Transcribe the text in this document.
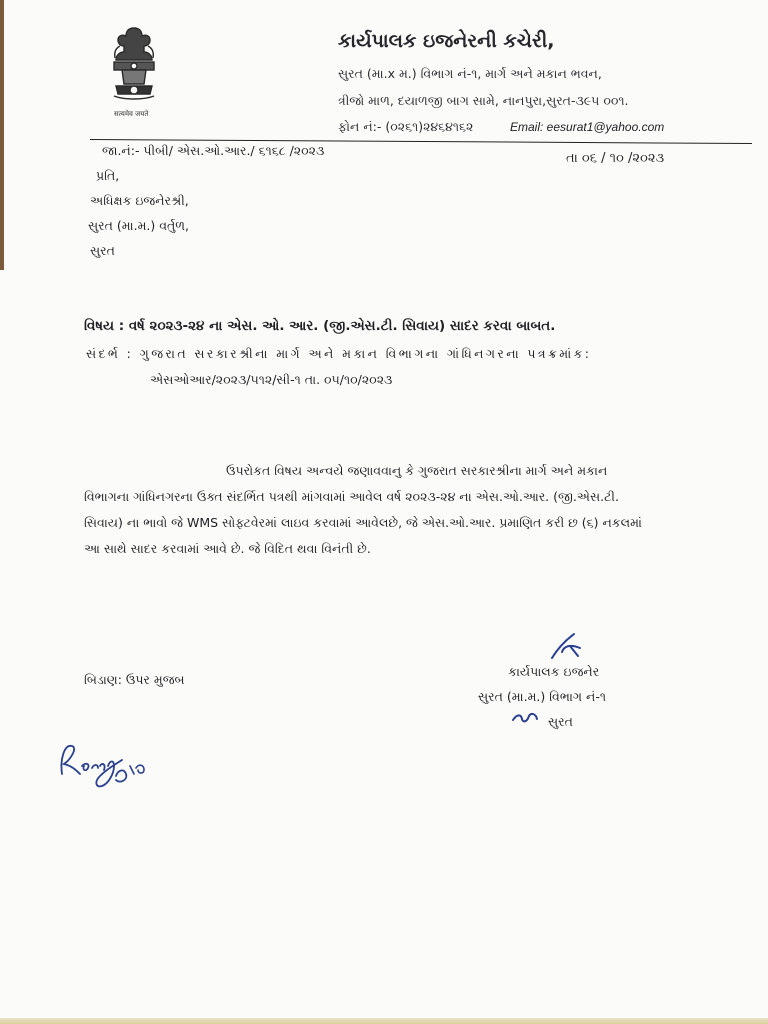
सत्यमेव जयते
કાર્યપાલક ઇજનેરની કચેરી,
સુરત (મા.x મ.) વિભાગ નં-૧, માર્ગ અને મકાન ભવન,
ત્રીજો માળ, દયાળજી બાગ સામે, નાનપુરા,સુરત-૩૯૫ ૦૦૧.
ફોન નં:- (૦૨૬૧)૨૪૬૪૧૬૨	Email: eesurat1@yahoo.com
જા.નં:- પીબી/ એસ.ઓ.આર./ ૬૧૬૮ /૨૦૨૩
તા ૦૬ / ૧૦ /૨૦૨૩
પ્રતિ,
અધિક્ષક ઇજનેરશ્રી,
સુરત (મા.મ.) વર્તુળ,
સુરત
વિષય : વર્ષ ૨૦૨૩-૨૪ ના એસ. ઓ. આર. (જી.એસ.ટી. સિવાય) સાદર કરવા બાબત.
સંદર્ભ : ગુજરાત સરકારશ્રીના માર્ગ અને મકાન વિભાગના ગાંધિનગરના પત્રક્રમાંક:
એસઓઆર/૨૦૨૩/૫૧૨/સી-૧ તા. ૦૫/૧૦/૨૦૨૩

ઉપરોકત વિષય અન્વયે જણાવવાનુ કે ગુજરાત સરકારશ્રીના માર્ગ અને મકાન

વિભાગના ગાંધિનગરના ઉક્ત સંદર્ભિત પત્રથી માંગવામાં આવેલ વર્ષ ૨૦૨૩-૨૪ ના એસ.ઓ.આર. (જી.એસ.ટી.

સિવાય) ના ભાવો જે WMS સોફ્ટવેરમાં લાઇવ કરવામાં આવેલછે, જે એસ.ઓ.આર. પ્રમાણિત કરી છ (૬) નકલમાં

આ સાથે સાદર કરવામાં આવે છે. જે વિદિત થવા વિનંતી છે.

બિડાણ: ઉપર મુજબ
કાર્યપાલક ઇજનેર
સુરત (મા.મ.) વિભાગ નં-૧
સુરત
